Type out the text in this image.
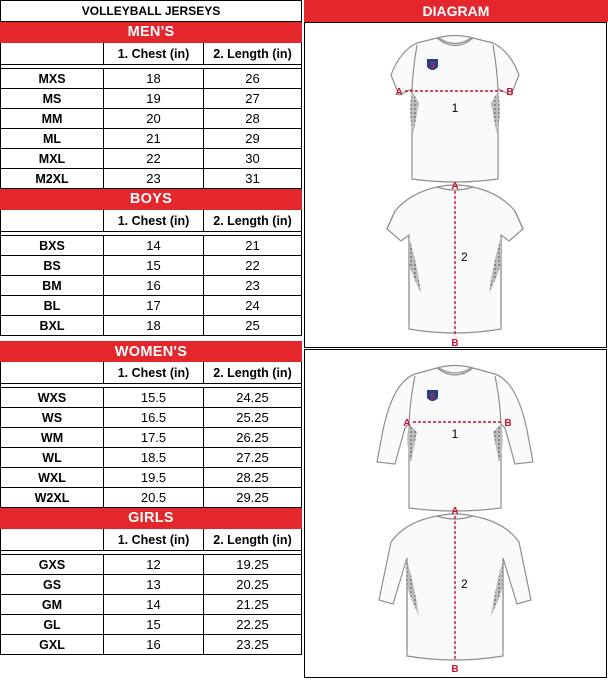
VOLLEYBALL JERSEYS
MEN'S
1. Chest (in)	2. Length (in)
MXS	18	26
MS	19	27
MM	20	28
ML	21	29
MXL	22	30
M2XL	23	31
BOYS
1. Chest (in)	2. Length (in)
BXS	14	21
BS	15	22
BM	16	23
BL	17	24
BXL	18	25
WOMEN'S
1. Chest (in)	2. Length (in)
WXS	15.5	24.25
WS	16.5	25.25
WM	17.5	26.25
WL	18.5	27.25
WXL	19.5	28.25
W2XL	20.5	29.25
GIRLS
1. Chest (in)	2. Length (in)
GXS	12	19.25
GS	13	20.25
GM	14	21.25
GL	15	22.25
GXL	16	23.25
DIAGRAM
S
A	B
1
A
B
2
S
A	B
1
A
B
2
